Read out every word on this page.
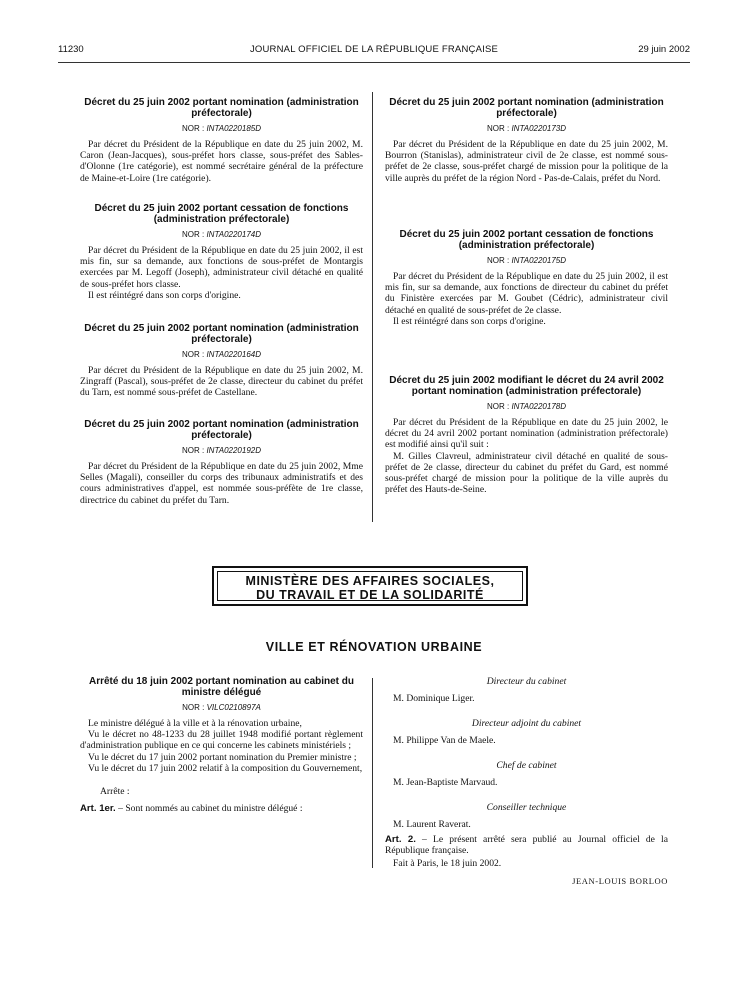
11230	JOURNAL OFFICIEL DE LA RÉPUBLIQUE FRANÇAISE	29 juin 2002

Décret du 25 juin 2002 portant nomination (administration préfectorale)

NOR : INTA0220185D

Par décret du Président de la République en date du 25 juin 2002, M. Caron (Jean-Jacques), sous-préfet hors classe, sous-préfet des Sables-d'Olonne (1re catégorie), est nommé secrétaire général de la préfecture de Maine-et-Loire (1re catégorie).

Décret du 25 juin 2002 portant cessation de fonctions (administration préfectorale)

NOR : INTA0220174D

Par décret du Président de la République en date du 25 juin 2002, il est mis fin, sur sa demande, aux fonctions de sous-préfet de Montargis exercées par M. Legoff (Joseph), administrateur civil détaché en qualité de sous-préfet hors classe.

Il est réintégré dans son corps d'origine.

Décret du 25 juin 2002 portant nomination (administration préfectorale)

NOR : INTA0220164D

Par décret du Président de la République en date du 25 juin 2002, M. Zingraff (Pascal), sous-préfet de 2e classe, directeur du cabinet du préfet du Tarn, est nommé sous-préfet de Castellane.

Décret du 25 juin 2002 portant nomination (administration préfectorale)

NOR : INTA0220192D

Par décret du Président de la République en date du 25 juin 2002, Mme Selles (Magali), conseiller du corps des tribunaux administratifs et des cours administratives d'appel, est nommée sous-préfète de 1re classe, directrice du cabinet du préfet du Tarn.

Décret du 25 juin 2002 portant nomination (administration préfectorale)

NOR : INTA0220173D

Par décret du Président de la République en date du 25 juin 2002, M. Bourron (Stanislas), administrateur civil de 2e classe, est nommé sous-préfet de 2e classe, sous-préfet chargé de mission pour la politique de la ville auprès du préfet de la région Nord - Pas-de-Calais, préfet du Nord.

Décret du 25 juin 2002 portant cessation de fonctions (administration préfectorale)

NOR : INTA0220175D

Par décret du Président de la République en date du 25 juin 2002, il est mis fin, sur sa demande, aux fonctions de directeur du cabinet du préfet du Finistère exercées par M. Goubet (Cédric), administrateur civil détaché en qualité de sous-préfet de 2e classe.

Il est réintégré dans son corps d'origine.

Décret du 25 juin 2002 modifiant le décret du 24 avril 2002 portant nomination (administration préfectorale)

NOR : INTA0220178D

Par décret du Président de la République en date du 25 juin 2002, le décret du 24 avril 2002 portant nomination (administration préfectorale) est modifié ainsi qu'il suit :

M. Gilles Clavreul, administrateur civil détaché en qualité de sous-préfet de 2e classe, directeur du cabinet du préfet du Gard, est nommé sous-préfet chargé de mission pour la politique de la ville auprès du préfet des Hauts-de-Seine.

MINISTÈRE DES AFFAIRES SOCIALES,
DU TRAVAIL ET DE LA SOLIDARITÉ
VILLE ET RÉNOVATION URBAINE

Arrêté du 18 juin 2002 portant nomination au cabinet du ministre délégué

NOR : VILC0210897A

Le ministre délégué à la ville et à la rénovation urbaine,

Vu le décret no 48-1233 du 28 juillet 1948 modifié portant règlement d'administration publique en ce qui concerne les cabinets ministériels ;

Vu le décret du 17 juin 2002 portant nomination du Premier ministre ;

Vu le décret du 17 juin 2002 relatif à la composition du Gouvernement,

Arrête :

Art. 1er. – Sont nommés au cabinet du ministre délégué :

Directeur du cabinet

M. Dominique Liger.

Directeur adjoint du cabinet

M. Philippe Van de Maele.

Chef de cabinet

M. Jean-Baptiste Marvaud.

Conseiller technique

M. Laurent Raverat.

Art. 2. – Le présent arrêté sera publié au Journal officiel de la République française.

Fait à Paris, le 18 juin 2002.

JEAN-LOUIS BORLOO
